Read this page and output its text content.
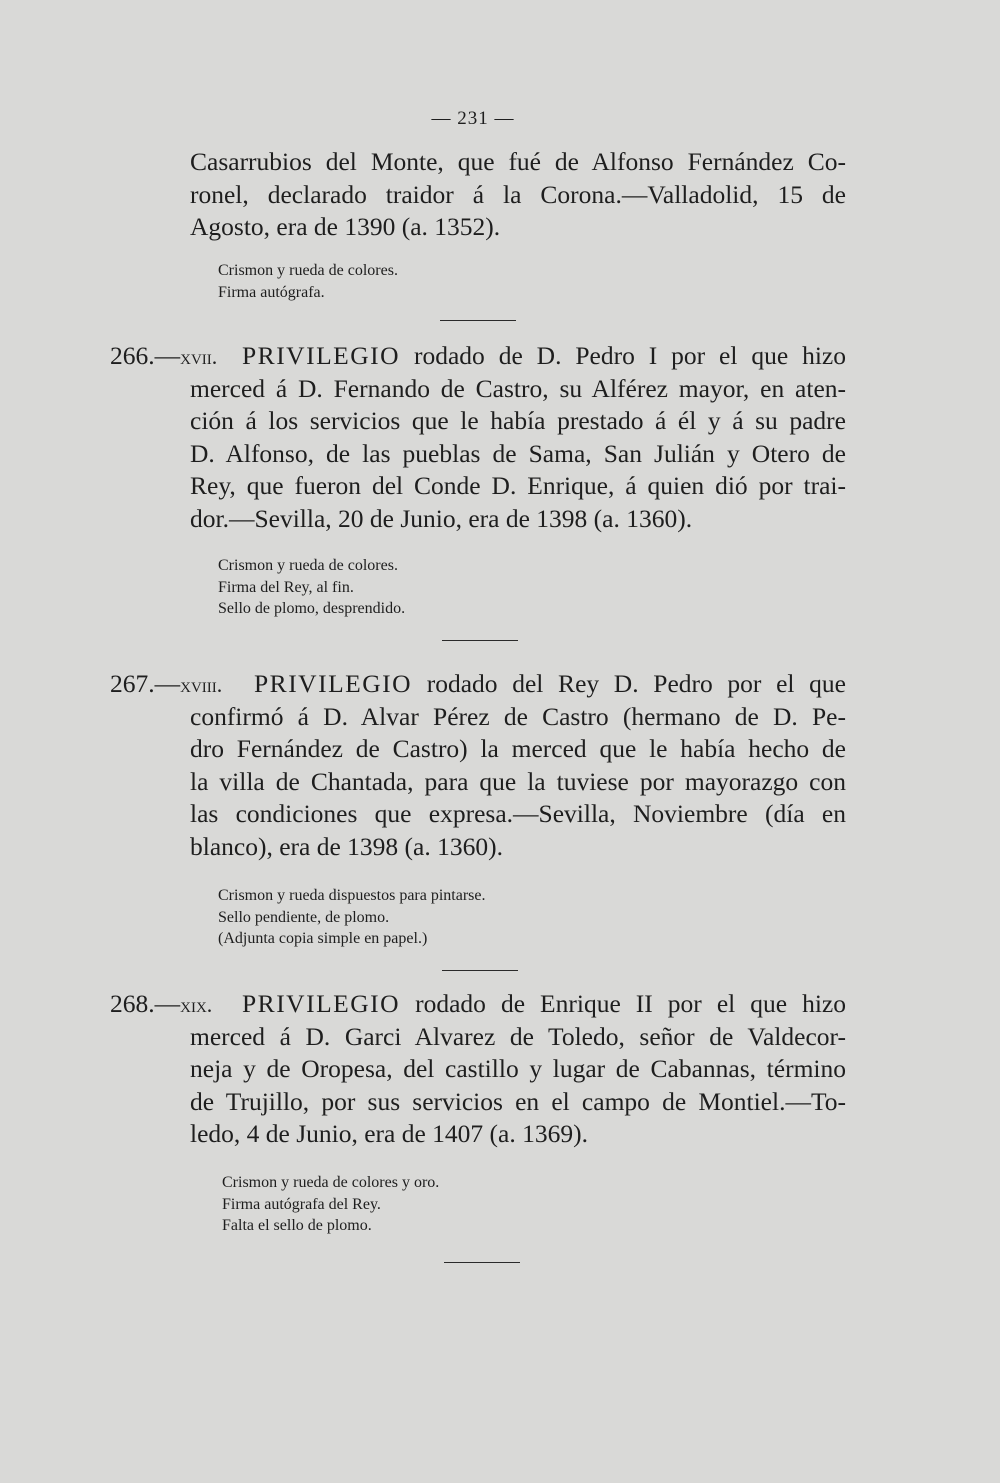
— 231 —
Casarrubios del Monte, que fué de Alfonso Fernández Co-
ronel, declarado traidor á la Corona.—Valladolid, 15 de
Agosto, era de 1390 (a. 1352).
Crismon y rueda de colores.
Firma autógrafa.
266.—xvii. PRIVILEGIO rodado de D. Pedro I por el que hizo
merced á D. Fernando de Castro, su Alférez mayor, en aten-
ción á los servicios que le había prestado á él y á su padre
D. Alfonso, de las pueblas de Sama, San Julián y Otero de
Rey, que fueron del Conde D. Enrique, á quien dió por trai-
dor.—Sevilla, 20 de Junio, era de 1398 (a. 1360).
Crismon y rueda de colores.
Firma del Rey, al fin.
Sello de plomo, desprendido.
267.—xviii. PRIVILEGIO rodado del Rey D. Pedro por el que
confirmó á D. Alvar Pérez de Castro (hermano de D. Pe-
dro Fernández de Castro) la merced que le había hecho de
la villa de Chantada, para que la tuviese por mayorazgo con
las condiciones que expresa.—Sevilla, Noviembre (día en
blanco), era de 1398 (a. 1360).
Crismon y rueda dispuestos para pintarse.
Sello pendiente, de plomo.
(Adjunta copia simple en papel.)
268.—xix. PRIVILEGIO rodado de Enrique II por el que hizo
merced á D. Garci Alvarez de Toledo, señor de Valdecor-
neja y de Oropesa, del castillo y lugar de Cabannas, término
de Trujillo, por sus servicios en el campo de Montiel.—To-
ledo, 4 de Junio, era de 1407 (a. 1369).
Crismon y rueda de colores y oro.
Firma autógrafa del Rey.
Falta el sello de plomo.
